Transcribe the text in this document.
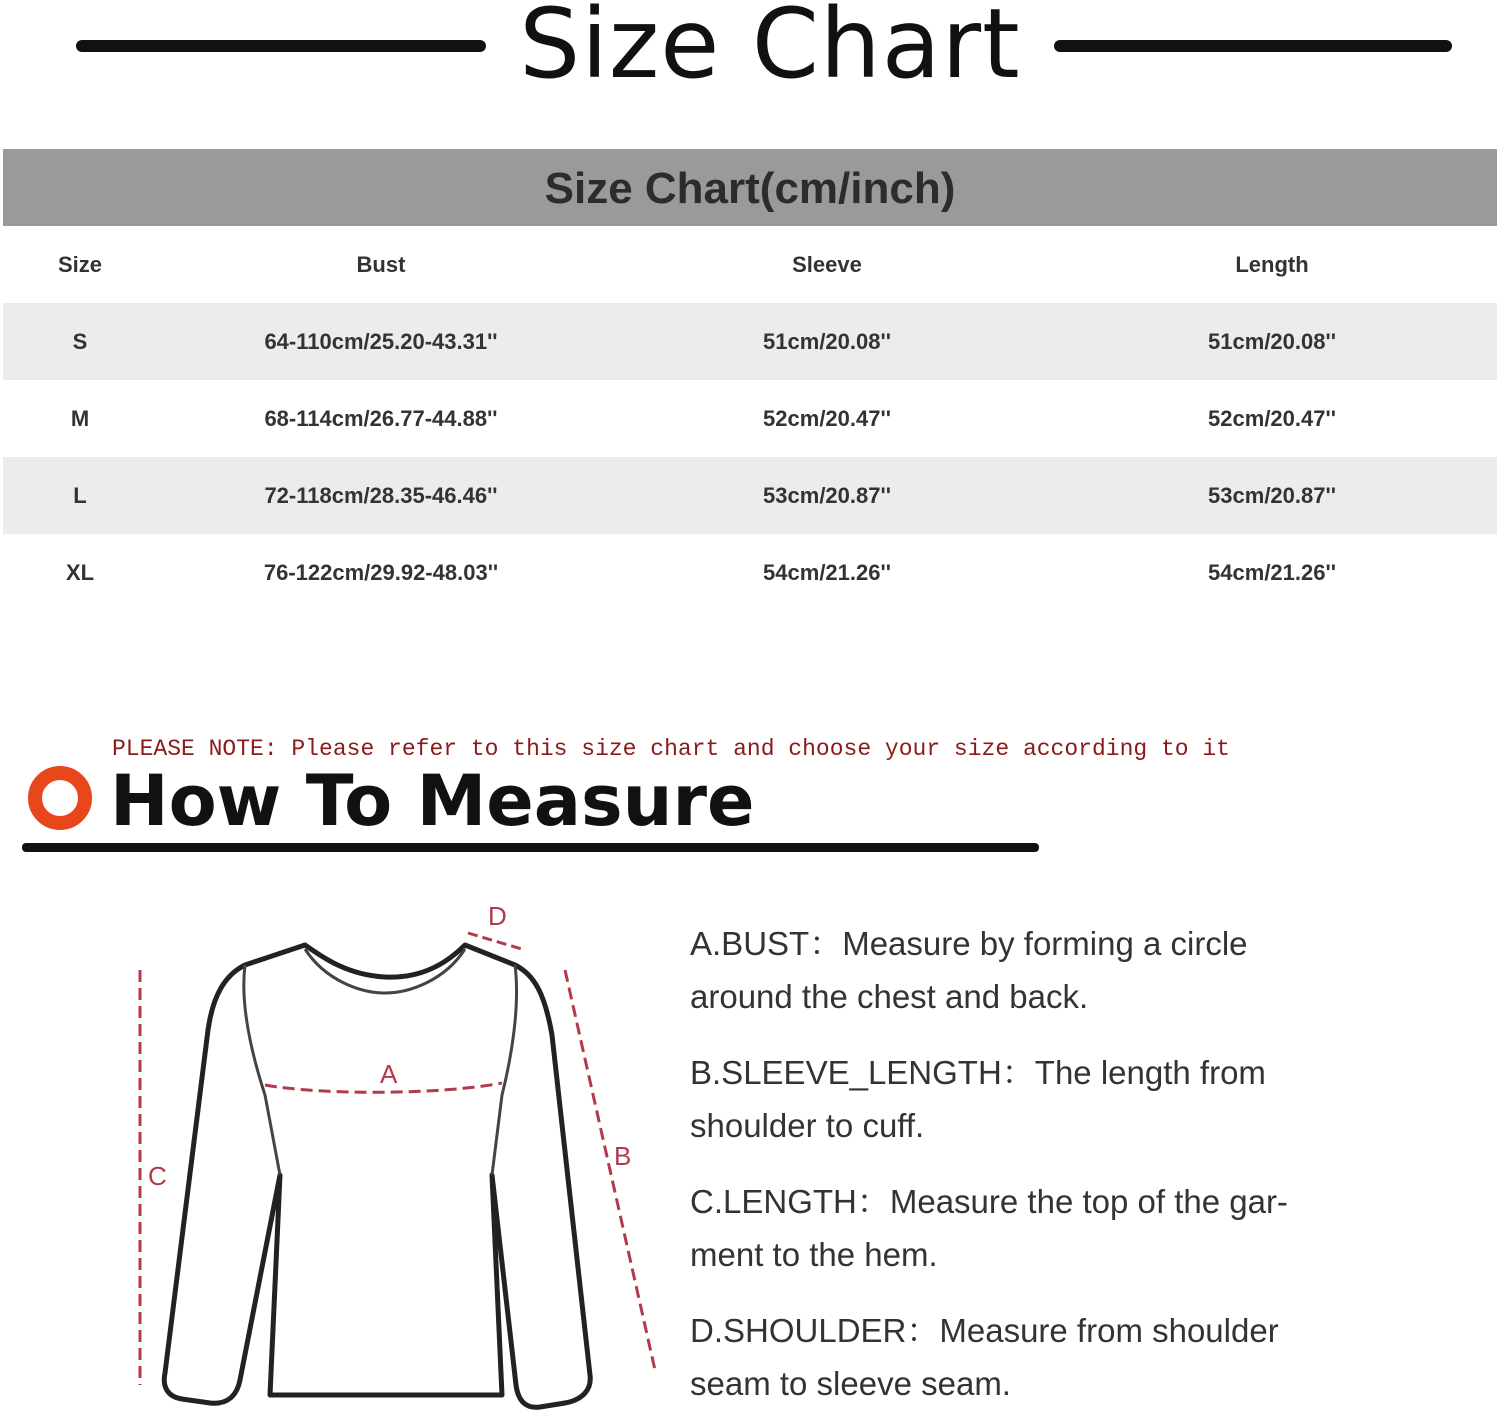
Size Chart
Size Chart(cm/inch)
Size	Bust	Sleeve	Length
S	64-110cm/25.20-43.31''	51cm/20.08''	51cm/20.08''
M	68-114cm/26.77-44.88''	52cm/20.47''	52cm/20.47''
L	72-118cm/28.35-46.46''	53cm/20.87''	53cm/20.87''
XL	76-122cm/29.92-48.03''	54cm/21.26''	54cm/21.26''
PLEASE NOTE: Please refer to this size chart and choose your size according to it
How To Measure
A
B
C
D
A.BUST：Measure by forming a circle
around the chest and back.
B.SLEEVE_LENGTH：The length from
shoulder to cuff.
C.LENGTH：Measure the top of the gar-
ment to the hem.
D.SHOULDER：Measure from shoulder
seam to sleeve seam.
